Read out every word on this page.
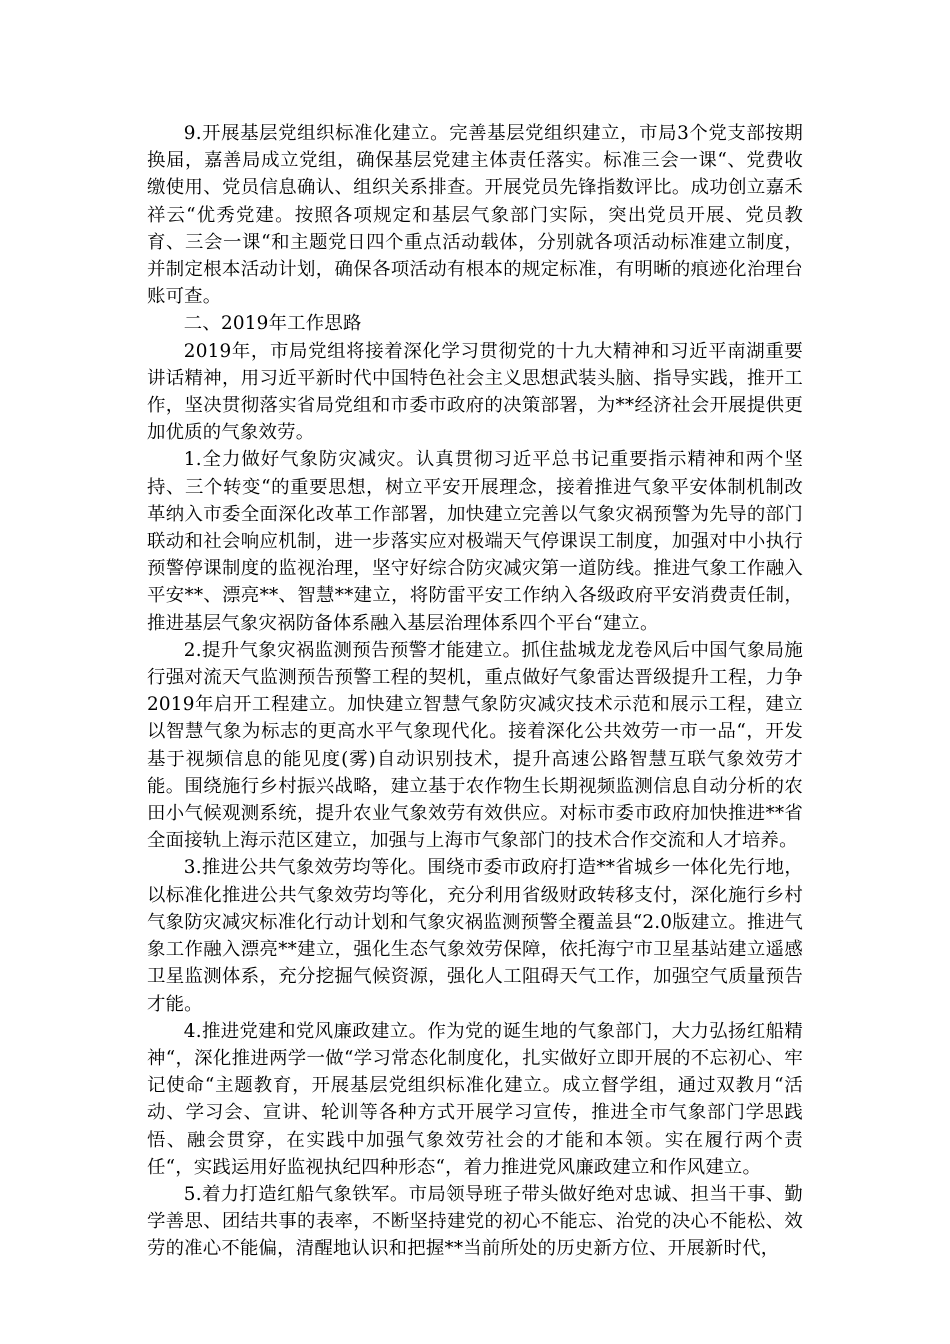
9.开展基层党组织标准化建立。完善基层党组织建立，市局3个党支部按期换届，嘉善局成立党组，确保基层党建主体责任落实。标准三会一课“、党费收缴使用、党员信息确认、组织关系排查。开展党员先锋指数评比。成功创立嘉禾祥云“优秀党建。按照各项规定和基层气象部门实际，突出党员开展、党员教育、三会一课“和主题党日四个重点活动载体，分别就各项活动标准建立制度，并制定根本活动计划，确保各项活动有根本的规定标准，有明晰的痕迹化治理台账可查。

二、2019年工作思路

2019年，市局党组将接着深化学习贯彻党的十九大精神和习近平南湖重要讲话精神，用习近平新时代中国特色社会主义思想武装头脑、指导实践，推开工作，坚决贯彻落实省局党组和市委市政府的决策部署，为**经济社会开展提供更加优质的气象效劳。

1.全力做好气象防灾减灾。认真贯彻习近平总书记重要指示精神和两个坚持、三个转变“的重要思想，树立平安开展理念，接着推进气象平安体制机制改革纳入市委全面深化改革工作部署，加快建立完善以气象灾祸预警为先导的部门联动和社会响应机制，进一步落实应对极端天气停课误工制度，加强对中小执行预警停课制度的监视治理，坚守好综合防灾减灾第一道防线。推进气象工作融入平安**、漂亮**、智慧**建立，将防雷平安工作纳入各级政府平安消费责任制，推进基层气象灾祸防备体系融入基层治理体系四个平台“建立。

2.提升气象灾祸监测预告预警才能建立。抓住盐城龙龙卷风后中国气象局施行强对流天气监测预告预警工程的契机，重点做好气象雷达晋级提升工程，力争2019年启开工程建立。加快建立智慧气象防灾减灾技术示范和展示工程，建立以智慧气象为标志的更高水平气象现代化。接着深化公共效劳一市一品“，开发基于视频信息的能见度(雾)自动识别技术，提升高速公路智慧互联气象效劳才能。围绕施行乡村振兴战略，建立基于农作物生长期视频监测信息自动分析的农田小气候观测系统，提升农业气象效劳有效供应。对标市委市政府加快推进**省全面接轨上海示范区建立，加强与上海市气象部门的技术合作交流和人才培养。

3.推进公共气象效劳均等化。围绕市委市政府打造**省城乡一体化先行地，以标准化推进公共气象效劳均等化，充分利用省级财政转移支付，深化施行乡村气象防灾减灾标准化行动计划和气象灾祸监测预警全覆盖县“2.0版建立。推进气象工作融入漂亮**建立，强化生态气象效劳保障，依托海宁市卫星基站建立遥感卫星监测体系，充分挖掘气候资源，强化人工阻碍天气工作，加强空气质量预告才能。

4.推进党建和党风廉政建立。作为党的诞生地的气象部门，大力弘扬红船精神“，深化推进两学一做“学习常态化制度化，扎实做好立即开展的不忘初心、牢记使命“主题教育，开展基层党组织标准化建立。成立督学组，通过双教月“活动、学习会、宣讲、轮训等各种方式开展学习宣传，推进全市气象部门学思践悟、融会贯穿，在实践中加强气象效劳社会的才能和本领。实在履行两个责任“，实践运用好监视执纪四种形态“，着力推进党风廉政建立和作风建立。

5.着力打造红船气象铁军。市局领导班子带头做好绝对忠诚、担当干事、勤学善思、团结共事的表率，不断坚持建党的初心不能忘、治党的决心不能松、效劳的准心不能偏，清醒地认识和把握**当前所处的历史新方位、开展新时代，
